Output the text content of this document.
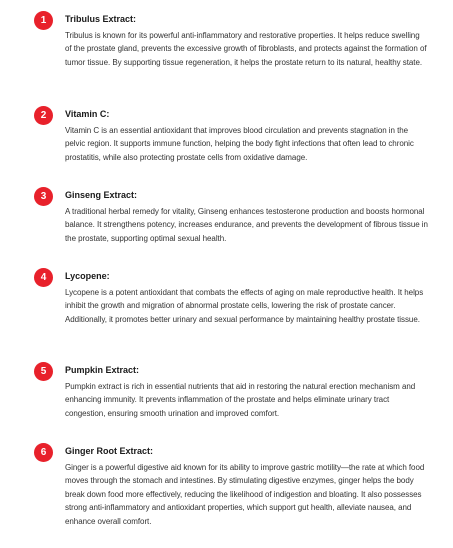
1	Tribulus Extract:

Tribulus is known for its powerful anti-inflammatory and restorative properties. It helps reduce swelling of the prostate gland, prevents the excessive growth of fibroblasts, and protects against the formation of tumor tissue. By supporting tissue regeneration, it helps the prostate return to its natural, healthy state.

2	Vitamin C:

Vitamin C is an essential antioxidant that improves blood circulation and prevents stagnation in the pelvic region. It supports immune function, helping the body fight infections that often lead to chronic prostatitis, while also protecting prostate cells from oxidative damage.

3	Ginseng Extract:

A traditional herbal remedy for vitality, Ginseng enhances testosterone production and boosts hormonal balance. It strengthens potency, increases endurance, and prevents the development of fibrous tissue in the prostate, supporting optimal sexual health.

4	Lycopene:

Lycopene is a potent antioxidant that combats the effects of aging on male reproductive health. It helps inhibit the growth and migration of abnormal prostate cells, lowering the risk of prostate cancer. Additionally, it promotes better urinary and sexual performance by maintaining healthy prostate tissue.

5	Pumpkin Extract:

Pumpkin extract is rich in essential nutrients that aid in restoring the natural erection mechanism and enhancing immunity. It prevents inflammation of the prostate and helps eliminate urinary tract congestion, ensuring smooth urination and improved comfort.

6	Ginger Root Extract:

Ginger is a powerful digestive aid known for its ability to improve gastric motility—the rate at which food moves through the stomach and intestines. By stimulating digestive enzymes, ginger helps the body break down food more effectively, reducing the likelihood of indigestion and bloating. It also possesses strong anti-inflammatory and antioxidant properties, which support gut health, alleviate nausea, and enhance overall comfort.
